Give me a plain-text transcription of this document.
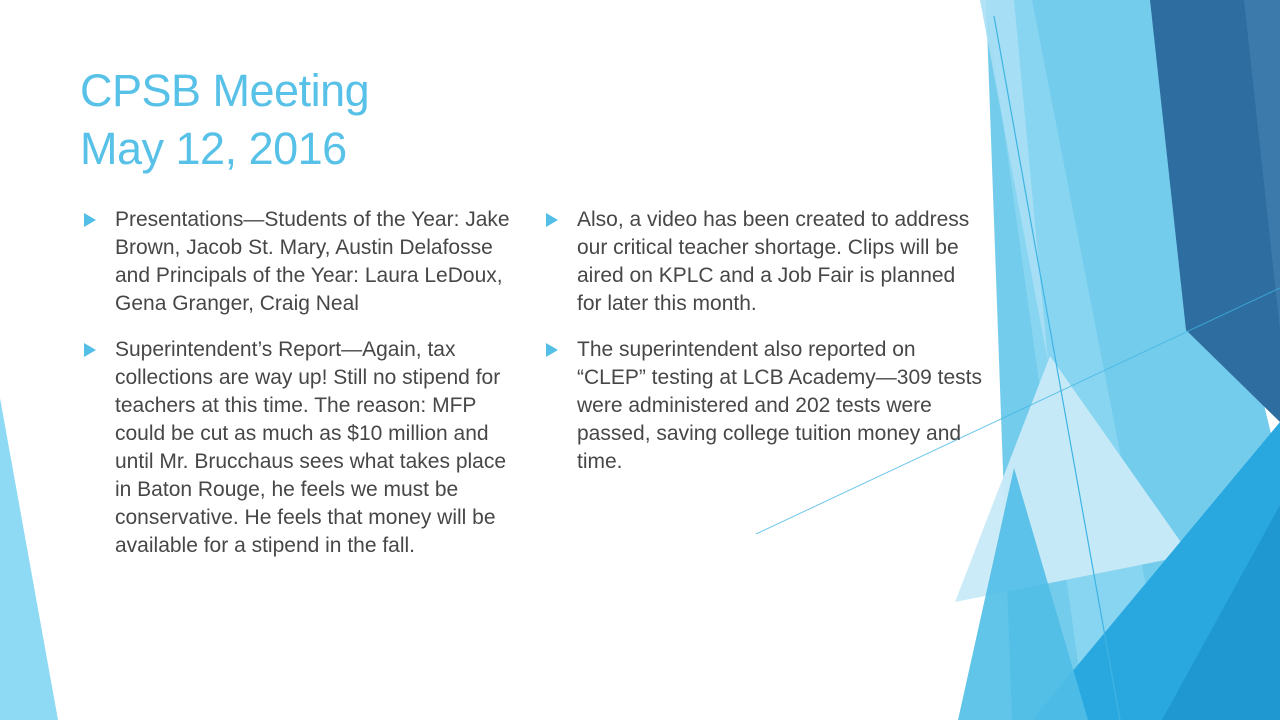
CPSB Meeting
May 12, 2016
Presentations—Students of the Year: Jake Brown, Jacob St. Mary, Austin Delafosse and Principals of the Year: Laura LeDoux, Gena Granger, Craig Neal
Superintendent’s Report—Again, tax collections are way up! Still no stipend for teachers at this time. The reason: MFP could be cut as much as $10 million and until Mr. Brucchaus sees what takes place in Baton Rouge, he feels we must be conservative. He feels that money will be available for a stipend in the fall.
Also, a video has been created to address our critical teacher shortage. Clips will be aired on KPLC and a Job Fair is planned for later this month.
The superintendent also reported on “CLEP” testing at LCB Academy—309 tests were administered and 202 tests were passed, saving college tuition money and time.
